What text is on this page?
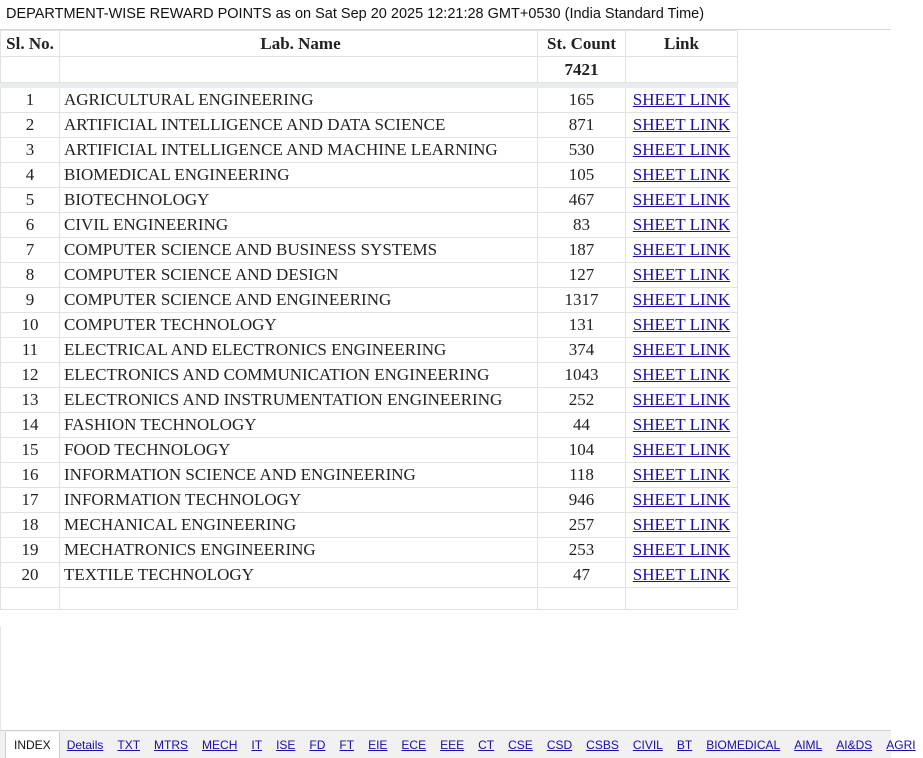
DEPARTMENT-WISE REWARD POINTS as on Sat Sep 20 2025 12:21:28 GMT+0530 (India Standard Time)
Sl. No.	Lab. Name	St. Count	Link
		7421	

1	AGRICULTURAL ENGINEERING	165	SHEET LINK
2	ARTIFICIAL INTELLIGENCE AND DATA SCIENCE	871	SHEET LINK
3	ARTIFICIAL INTELLIGENCE AND MACHINE LEARNING	530	SHEET LINK
4	BIOMEDICAL ENGINEERING	105	SHEET LINK
5	BIOTECHNOLOGY	467	SHEET LINK
6	CIVIL ENGINEERING	83	SHEET LINK
7	COMPUTER SCIENCE AND BUSINESS SYSTEMS	187	SHEET LINK
8	COMPUTER SCIENCE AND DESIGN	127	SHEET LINK
9	COMPUTER SCIENCE AND ENGINEERING	1317	SHEET LINK
10	COMPUTER TECHNOLOGY	131	SHEET LINK
11	ELECTRICAL AND ELECTRONICS ENGINEERING	374	SHEET LINK
12	ELECTRONICS AND COMMUNICATION ENGINEERING	1043	SHEET LINK
13	ELECTRONICS AND INSTRUMENTATION ENGINEERING	252	SHEET LINK
14	FASHION TECHNOLOGY	44	SHEET LINK
15	FOOD TECHNOLOGY	104	SHEET LINK
16	INFORMATION SCIENCE AND ENGINEERING	118	SHEET LINK
17	INFORMATION TECHNOLOGY	946	SHEET LINK
18	MECHANICAL ENGINEERING	257	SHEET LINK
19	MECHATRONICS ENGINEERING	253	SHEET LINK
20	TEXTILE TECHNOLOGY	47	SHEET LINK

INDEX	Details TXT MTRS MECH IT ISE FD FT EIE ECE EEE CT CSE CSD CSBS CIVIL BT BIOMEDICAL AIML AI&DS AGRI
